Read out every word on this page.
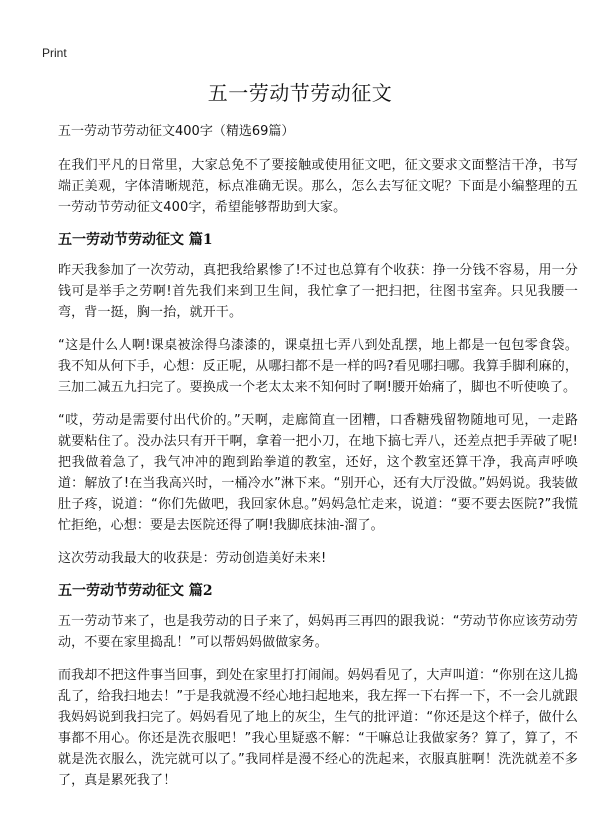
Print
五一劳动节劳动征文
五一劳动节劳动征文400字（精选69篇）

在我们平凡的日常里，大家总免不了要接触或使用征文吧，征文要求文面整洁干净，书写端正美观，字体清晰规范，标点准确无误。那么，怎么去写征文呢？下面是小编整理的五一劳动节劳动征文400字，希望能够帮助到大家。

五一劳动节劳动征文 篇1

昨天我参加了一次劳动，真把我给累惨了!不过也总算有个收获：挣一分钱不容易，用一分钱可是举手之劳啊!首先我们来到卫生间，我忙拿了一把扫把，往图书室奔。只见我腰一弯，背一挺，胸一抬，就开干。

“这是什么人啊!课桌被涂得乌漆漆的，课桌扭七弄八到处乱摆，地上都是一包包零食袋。我不知从何下手，心想：反正呢，从哪扫都不是一样的吗?看见哪扫哪。我算手脚利麻的，三加二减五九扫完了。要换成一个老太太来不知何时了啊!腰开始痛了，脚也不听使唤了。

“哎，劳动是需要付出代价的。”天啊，走廊简直一团糟，口香糖残留物随地可见，一走路就要粘住了。没办法只有开干啊，拿着一把小刀，在地下搞七弄八，还差点把手弄破了呢!把我做着急了，我气冲冲的跑到跆拳道的教室，还好，这个教室还算干净，我高声呼唤道：解放了!在当我高兴时，一桶冷水”淋下来。“别开心，还有大厅没做。”妈妈说。我装做肚子疼，说道：“你们先做吧，我回家休息。”妈妈急忙走来，说道：“要不要去医院?”我慌忙拒绝，心想：要是去医院还得了啊!我脚底抹油-溜了。

这次劳动我最大的收获是：劳动创造美好未来!

五一劳动节劳动征文 篇2

五一劳动节来了，也是我劳动的日子来了，妈妈再三再四的跟我说：“劳动节你应该劳动劳动，不要在家里捣乱！”可以帮妈妈做做家务。

而我却不把这件事当回事，到处在家里打打闹闹。妈妈看见了，大声叫道：“你别在这儿捣乱了，给我扫地去！”于是我就漫不经心地扫起地来，我左挥一下右挥一下，不一会儿就跟我妈妈说到我扫完了。妈妈看见了地上的灰尘，生气的批评道：“你还是这个样子，做什么事都不用心。你还是洗衣服吧！”我心里疑惑不解：“干嘛总让我做家务？算了，算了，不就是洗衣服么，洗完就可以了。”我同样是漫不经心的洗起来，衣服真脏啊！洗洗就差不多了，真是累死我了！
